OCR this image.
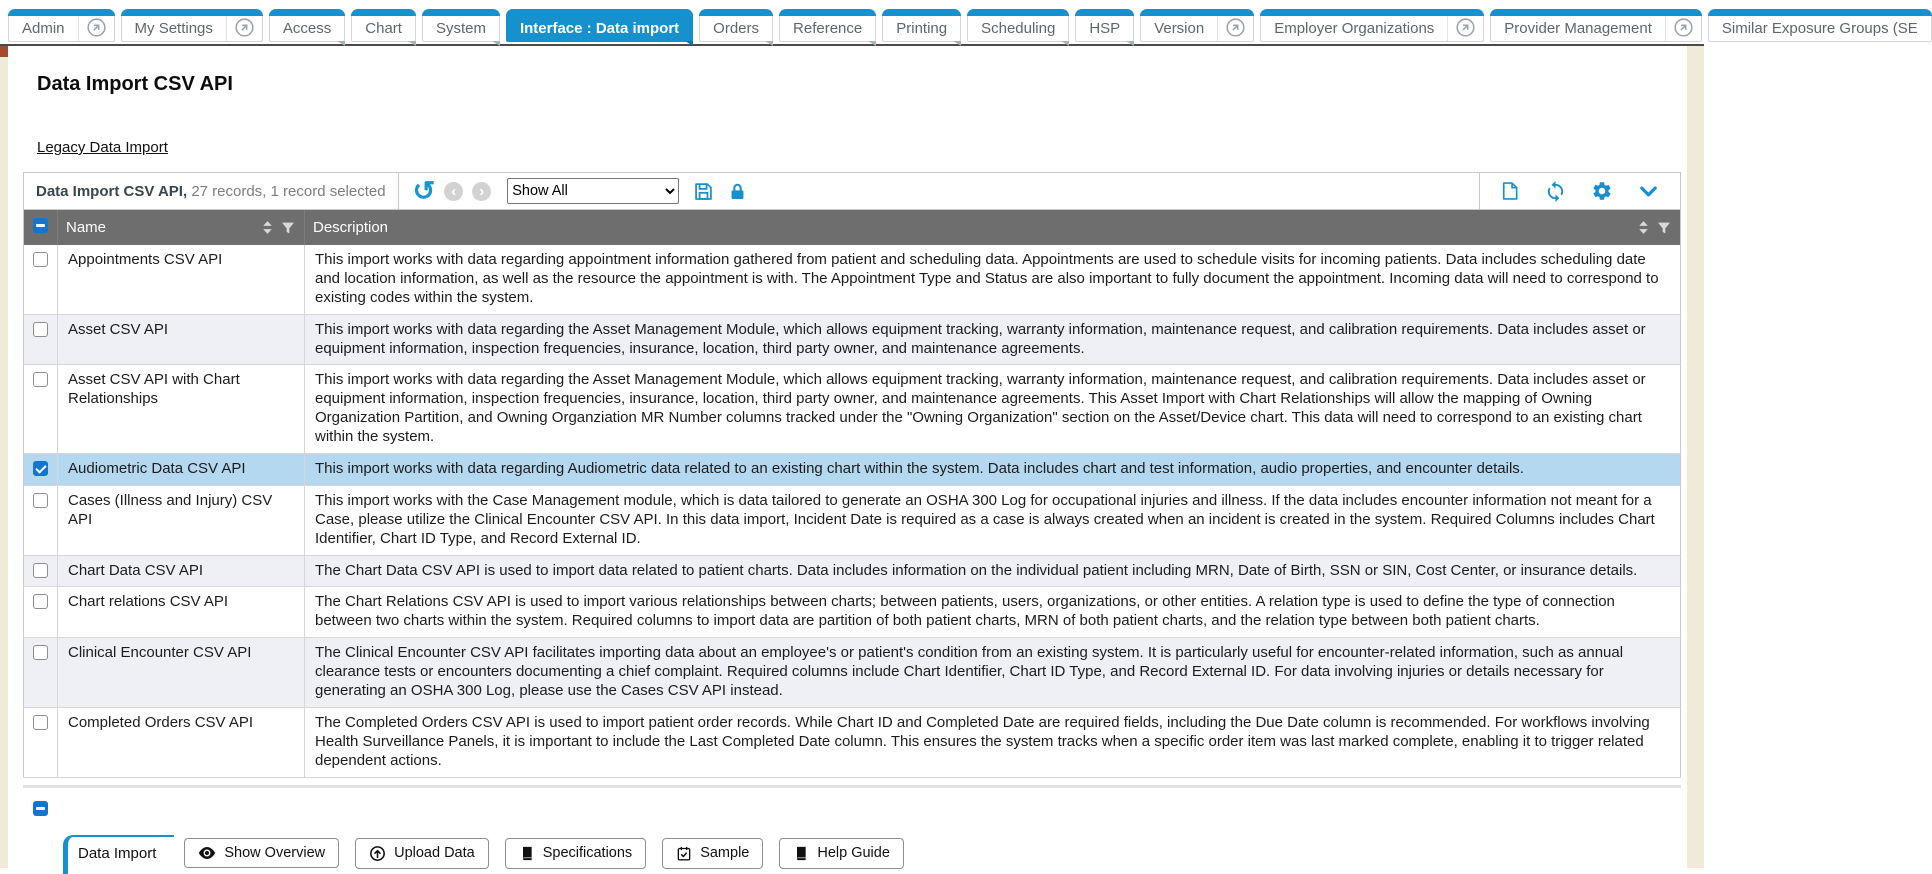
Admin	My Settings	Access	Chart	System	Interface : Data import	Orders	Reference	Printing	Scheduling	HSP	Version	Employer Organizations	Provider Management	Similar Exposure Groups (SE
Data Import CSV API

Legacy Data Import
Data Import CSV API, 27 records, 1 record selected	↺	‹	›
Show All

	Name	Description

	Appointments CSV API	This import works with data regarding appointment information gathered from patient and scheduling data. Appointments are used to schedule visits for incoming patients. Data includes scheduling date and location information, as well as the resource the appointment is with. The Appointment Type and Status are also important to fully document the appointment. Incoming data will need to correspond to existing codes within the system.
	Asset CSV API	This import works with data regarding the Asset Management Module, which allows equipment tracking, warranty information, maintenance request, and calibration requirements. Data includes asset or equipment information, inspection frequencies, insurance, location, third party owner, and maintenance agreements.
	Asset CSV API with Chart Relationships	This import works with data regarding the Asset Management Module, which allows equipment tracking, warranty information, maintenance request, and calibration requirements. Data includes asset or equipment information, inspection frequencies, insurance, location, third party owner, and maintenance agreements. This Asset Import with Chart Relationships will allow the mapping of Owning Organization Partition, and Owning Organziation MR Number columns tracked under the "Owning Organization" section on the Asset/Device chart. This data will need to correspond to an existing chart within the system.
	Audiometric Data CSV API	This import works with data regarding Audiometric data related to an existing chart within the system. Data includes chart and test information, audio properties, and encounter details.
	Cases (Illness and Injury) CSV API	This import works with the Case Management module, which is data tailored to generate an OSHA 300 Log for occupational injuries and illness. If the data includes encounter information not meant for a Case, please utilize the Clinical Encounter CSV API. In this data import, Incident Date is required as a case is always created when an incident is created in the system. Required Columns includes Chart Identifier, Chart ID Type, and Record External ID.
	Chart Data CSV API	The Chart Data CSV API is used to import data related to patient charts. Data includes information on the individual patient including MRN, Date of Birth, SSN or SIN, Cost Center, or insurance details.
	Chart relations CSV API	The Chart Relations CSV API is used to import various relationships between charts; between patients, users, organizations, or other entities. A relation type is used to define the type of connection between two charts within the system. Required columns to import data are partition of both patient charts, MRN of both patient charts, and the relation type between both patient charts.
	Clinical Encounter CSV API	The Clinical Encounter CSV API facilitates importing data about an employee's or patient's condition from an existing system. It is particularly useful for encounter-related information, such as annual clearance tests or encounters documenting a chief complaint. Required columns include Chart Identifier, Chart ID Type, and Record External ID. For data involving injuries or details necessary for generating an OSHA 300 Log, please use the Cases CSV API instead.
	Completed Orders CSV API	The Completed Orders CSV API is used to import patient order records. While Chart ID and Completed Date are required fields, including the Due Date column is recommended. For workflows involving Health Surveillance Panels, it is important to include the Last Completed Date column. This ensures the system tracks when a specific order item was last marked complete, enabling it to trigger related dependent actions.
Data Import	Show Overview	Upload Data	Specifications	Sample	Help Guide
